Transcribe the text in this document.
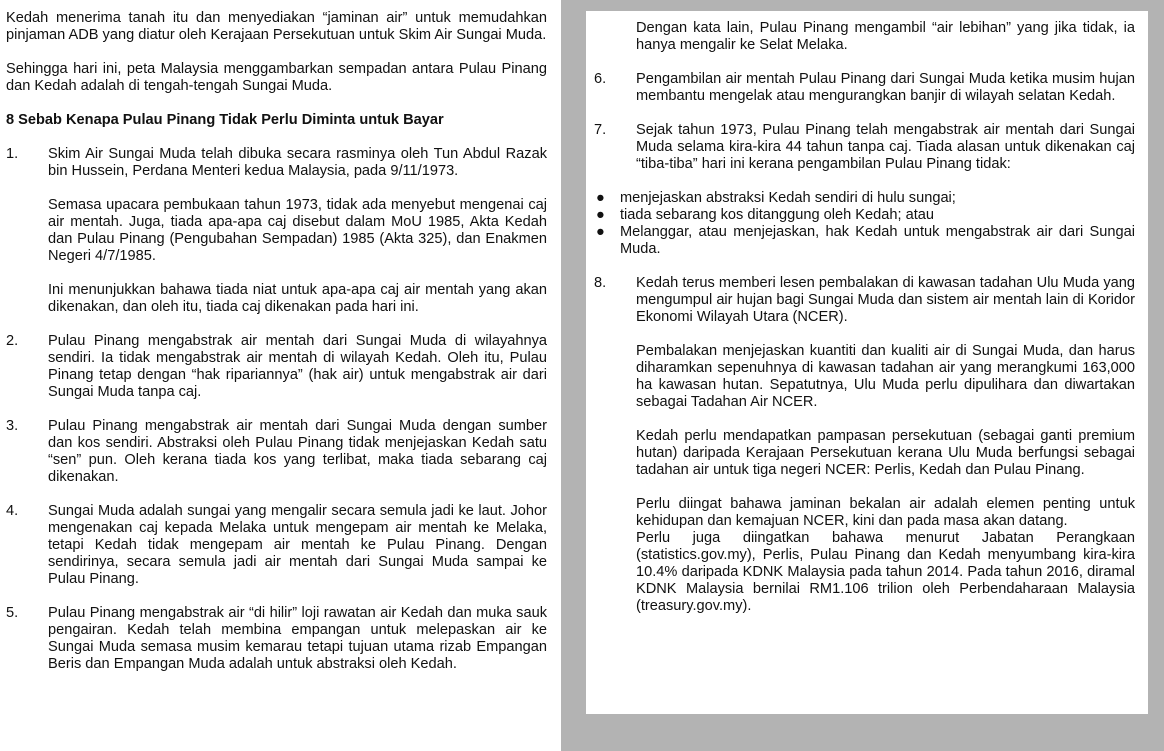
Kedah menerima tanah itu dan menyediakan “jaminan air” untuk memudahkan pinjaman ADB yang diatur oleh Kerajaan Persekutuan untuk Skim Air Sungai Muda.

Sehingga hari ini, peta Malaysia menggambarkan sempadan antara Pulau Pinang dan Kedah adalah di tengah-tengah Sungai Muda.

8 Sebab Kenapa Pulau Pinang Tidak Perlu Diminta untuk Bayar

1.	Skim Air Sungai Muda telah dibuka secara rasminya oleh Tun Abdul Razak bin Hussein, Perdana Menteri kedua Malaysia, pada 9/11/1973.

Semasa upacara pembukaan tahun 1973, tidak ada menyebut mengenai caj air mentah. Juga, tiada apa-apa caj disebut dalam MoU 1985, Akta Kedah dan Pulau Pinang (Pengubahan Sempadan) 1985 (Akta 325), dan Enakmen Negeri 4/7/1985.

Ini menunjukkan bahawa tiada niat untuk apa-apa caj air mentah yang akan dikenakan, dan oleh itu, tiada caj dikenakan pada hari ini.

2.	Pulau Pinang mengabstrak air mentah dari Sungai Muda di wilayahnya sendiri. Ia tidak mengabstrak air mentah di wilayah Kedah. Oleh itu, Pulau Pinang tetap dengan “hak ripariannya” (hak air) untuk mengabstrak air dari Sungai Muda tanpa caj.

3.	Pulau Pinang mengabstrak air mentah dari Sungai Muda dengan sumber dan kos sendiri. Abstraksi oleh Pulau Pinang tidak menjejaskan Kedah satu “sen” pun. Oleh kerana tiada kos yang terlibat, maka tiada sebarang caj dikenakan.

4.	Sungai Muda adalah sungai yang mengalir secara semula jadi ke laut. Johor mengenakan caj kepada Melaka untuk mengepam air mentah ke Melaka, tetapi Kedah tidak mengepam air mentah ke Pulau Pinang. Dengan sendirinya, secara semula jadi air mentah dari Sungai Muda sampai ke Pulau Pinang.

5.	Pulau Pinang mengabstrak air “di hilir” loji rawatan air Kedah dan muka sauk pengairan. Kedah telah membina empangan untuk melepaskan air ke Sungai Muda semasa musim kemarau tetapi tujuan utama rizab Empangan Beris dan Empangan Muda adalah untuk abstraksi oleh Kedah.

Dengan kata lain, Pulau Pinang mengambil “air lebihan” yang jika tidak, ia hanya mengalir ke Selat Melaka.

6.	Pengambilan air mentah Pulau Pinang dari Sungai Muda ketika musim hujan membantu mengelak atau mengurangkan banjir di wilayah selatan Kedah.

7.	Sejak tahun 1973, Pulau Pinang telah mengabstrak air mentah dari Sungai Muda selama kira-kira 44 tahun tanpa caj. Tiada alasan untuk dikenakan caj “tiba-tiba” hari ini kerana pengambilan Pulau Pinang tidak:

●	menjejaskan abstraksi Kedah sendiri di hulu sungai;
●	tiada sebarang kos ditanggung oleh Kedah; atau
●	Melanggar, atau menjejaskan, hak Kedah untuk mengabstrak air dari Sungai Muda.
8.	Kedah terus memberi lesen pembalakan di kawasan tadahan Ulu Muda yang mengumpul air hujan bagi Sungai Muda dan sistem air mentah lain di Koridor Ekonomi Wilayah Utara (NCER).

Pembalakan menjejaskan kuantiti dan kualiti air di Sungai Muda, dan harus diharamkan sepenuhnya di kawasan tadahan air yang merangkumi 163,000 ha kawasan hutan. Sepatutnya, Ulu Muda perlu dipulihara dan diwartakan sebagai Tadahan Air NCER.

Kedah perlu mendapatkan pampasan persekutuan (sebagai ganti premium hutan) daripada Kerajaan Persekutuan kerana Ulu Muda berfungsi sebagai tadahan air untuk tiga negeri NCER: Perlis, Kedah dan Pulau Pinang.

Perlu diingat bahawa jaminan bekalan air adalah elemen penting untuk kehidupan dan kemajuan NCER, kini dan pada masa akan datang.

Perlu juga diingatkan bahawa menurut Jabatan Perangkaan (statistics.gov.my), Perlis, Pulau Pinang dan Kedah menyumbang kira-kira 10.4% daripada KDNK Malaysia pada tahun 2014. Pada tahun 2016, diramal KDNK Malaysia bernilai RM1.106 trilion oleh Perbendaharaan Malaysia (treasury.gov.my).
